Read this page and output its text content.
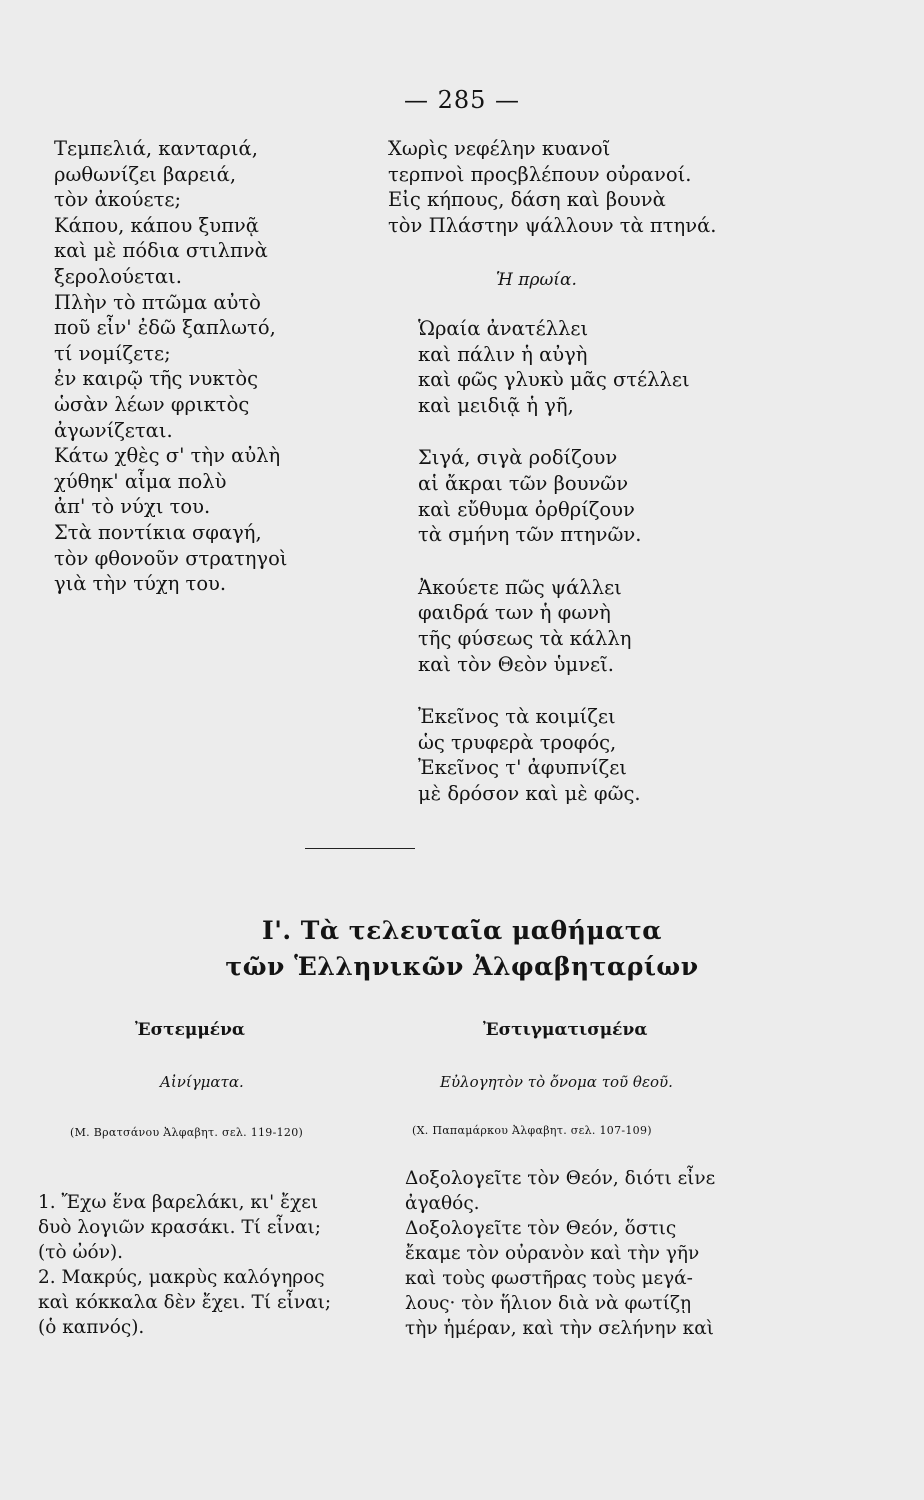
— 285 —
Τεμπελιά, κανταριά,
ρωθωνίζει βαρειά,
τὸν ἀκούετε;
Κάπου, κάπου ξυπνᾷ
καὶ μὲ πόδια στιλπνὰ
ξερολούεται.
Πλὴν τὸ πτῶμα αὐτὸ
ποῦ εἶν' ἐδῶ ξαπλωτό,
τί νομίζετε;
ἐν καιρῷ τῆς νυκτὸς
ὡσὰν λέων φρικτὸς
ἀγωνίζεται.
Κάτω χθὲς σ' τὴν αὐλὴ
χύθηκ' αἷμα πολὺ
ἀπ' τὸ νύχι του.
Στὰ ποντίκια σφαγή,
τὸν φθονοῦν στρατηγοὶ
γιὰ τὴν τύχη του.
Χωρὶς νεφέλην κυανοῖ
τερπνοὶ προςβλέπουν οὐρανοί.
Εἰς κήπους, δάση καὶ βουνὰ
τὸν Πλάστην ψάλλουν τὰ πτηνά.
Ἡ πρωία.
Ὡραία ἀνατέλλει
καὶ πάλιν ἡ αὐγὴ
καὶ φῶς γλυκὺ μᾶς στέλλει
καὶ μειδιᾷ ἡ γῆ,
Σιγά, σιγὰ ροδίζουν
αἱ ἄκραι τῶν βουνῶν
καὶ εὔθυμα ὀρθρίζουν
τὰ σμήνη τῶν πτηνῶν.
Ἀκούετε πῶς ψάλλει
φαιδρά των ἡ φωνὴ
τῆς φύσεως τὰ κάλλη
καὶ τὸν Θεὸν ὑμνεῖ.
Ἐκεῖνος τὰ κοιμίζει
ὡς τρυφερὰ τροφός,
Ἐκεῖνος τ' ἀφυπνίζει
μὲ δρόσον καὶ μὲ φῶς.
Ι'. Τὰ τελευταῖα μαθήματα
τῶν Ἑλληνικῶν Ἀλφαβηταρίων
Ἐστεμμένα	Ἐστιγματισμένα
Αἰνίγματα.	Εὐλογητὸν τὸ ὄνομα τοῦ θεοῦ.
(Μ. Βρατσάνου Ἀλφαβητ. σελ. 119-120)	(Χ. Παπαμάρκου Ἀλφαβητ. σελ. 107-109)
1. Ἔχω ἕνα βαρελάκι, κι' ἔχει
δυὸ λογιῶν κρασάκι. Τί εἶναι;
(τὸ ὠόν).
2. Μακρύς, μακρὺς καλόγηρος
καὶ κόκκαλα δὲν ἔχει. Τί εἶναι;
(ὁ καπνός).
Δοξολογεῖτε τὸν Θεόν, διότι εἶνε
ἀγαθός.
Δοξολογεῖτε τὸν Θεόν, ὅστις
ἔκαμε τὸν οὐρανὸν καὶ τὴν γῆν
καὶ τοὺς φωστῆρας τοὺς μεγά-
λους· τὸν ἥλιον διὰ νὰ φωτίζῃ
τὴν ἡμέραν, καὶ τὴν σελήνην καὶ
